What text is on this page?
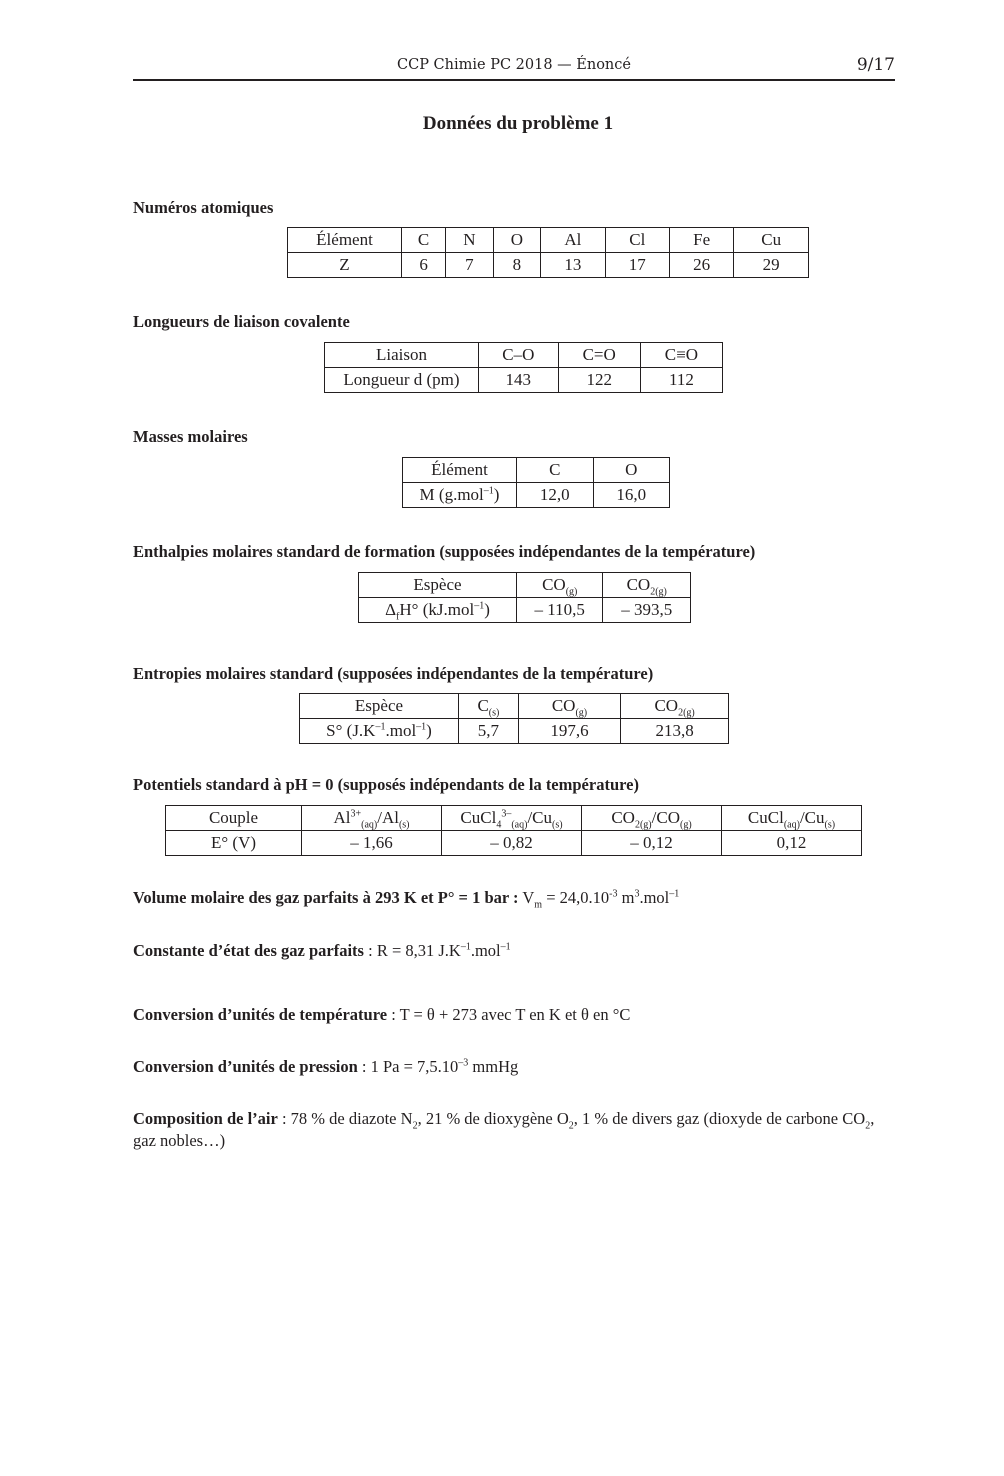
CCP Chimie PC 2018 — Énoncé	9/17
Données du problème 1
Numéros atomiques
Élément	C	N	O	Al	Cl	Fe	Cu
Z	6	7	8	13	17	26	29
Longueurs de liaison covalente
Liaison	C–O	C=O	C≡O
Longueur d (pm)	143	122	112
Masses molaires
Élément	C	O
M (g.mol$^{-1}$)	12,0	16,0
Enthalpies molaires standard de formation (supposées indépendantes de la température)
Espèce	$CO_{(g)}$	$CO_{2(g)}$
$\Delta_fH^\circ$ (kJ.mol$^{-1}$)	– 110,5	– 393,5
Entropies molaires standard (supposées indépendantes de la température)
Espèce	$C_{(s)}$	$CO_{(g)}$	$CO_{2(g)}$
S° $(J.K^{-1}.mol^{-1})$	5,7	197,6	213,8
Potentiels standard à pH = 0 (supposés indépendants de la température)
Couple	$Al^{3+}_{(aq)}/Al_{(s)}$	$CuCl_4^{3-}_{(aq)}/Cu_{(s)}$	$CO_{2(g)}/CO_{(g)}$	$CuCl_{(aq)}/Cu_{(s)}$
E° (V)	– 1,66	– 0,82	– 0,12	0,12
Volume molaire des gaz parfaits à 293 K et P° = 1 bar : $V_m = 24,0.10^{-3}$ $m^3.mol^{-1}$
Constante d’état des gaz parfaits : R = 8,31 $J.K^{-1}.mol^{-1}$
Conversion d’unités de température : T = θ + 273 avec T en K et θ en °C
Conversion d’unités de pression : 1 $Pa = 7,5.10^{-3}$ mmHg
Composition de l’air : 78 % de diazote $N_2$, 21 % de dioxygène $O_2$, 1 % de divers gaz (dioxyde de carbone $CO_2$, gaz nobles…)
